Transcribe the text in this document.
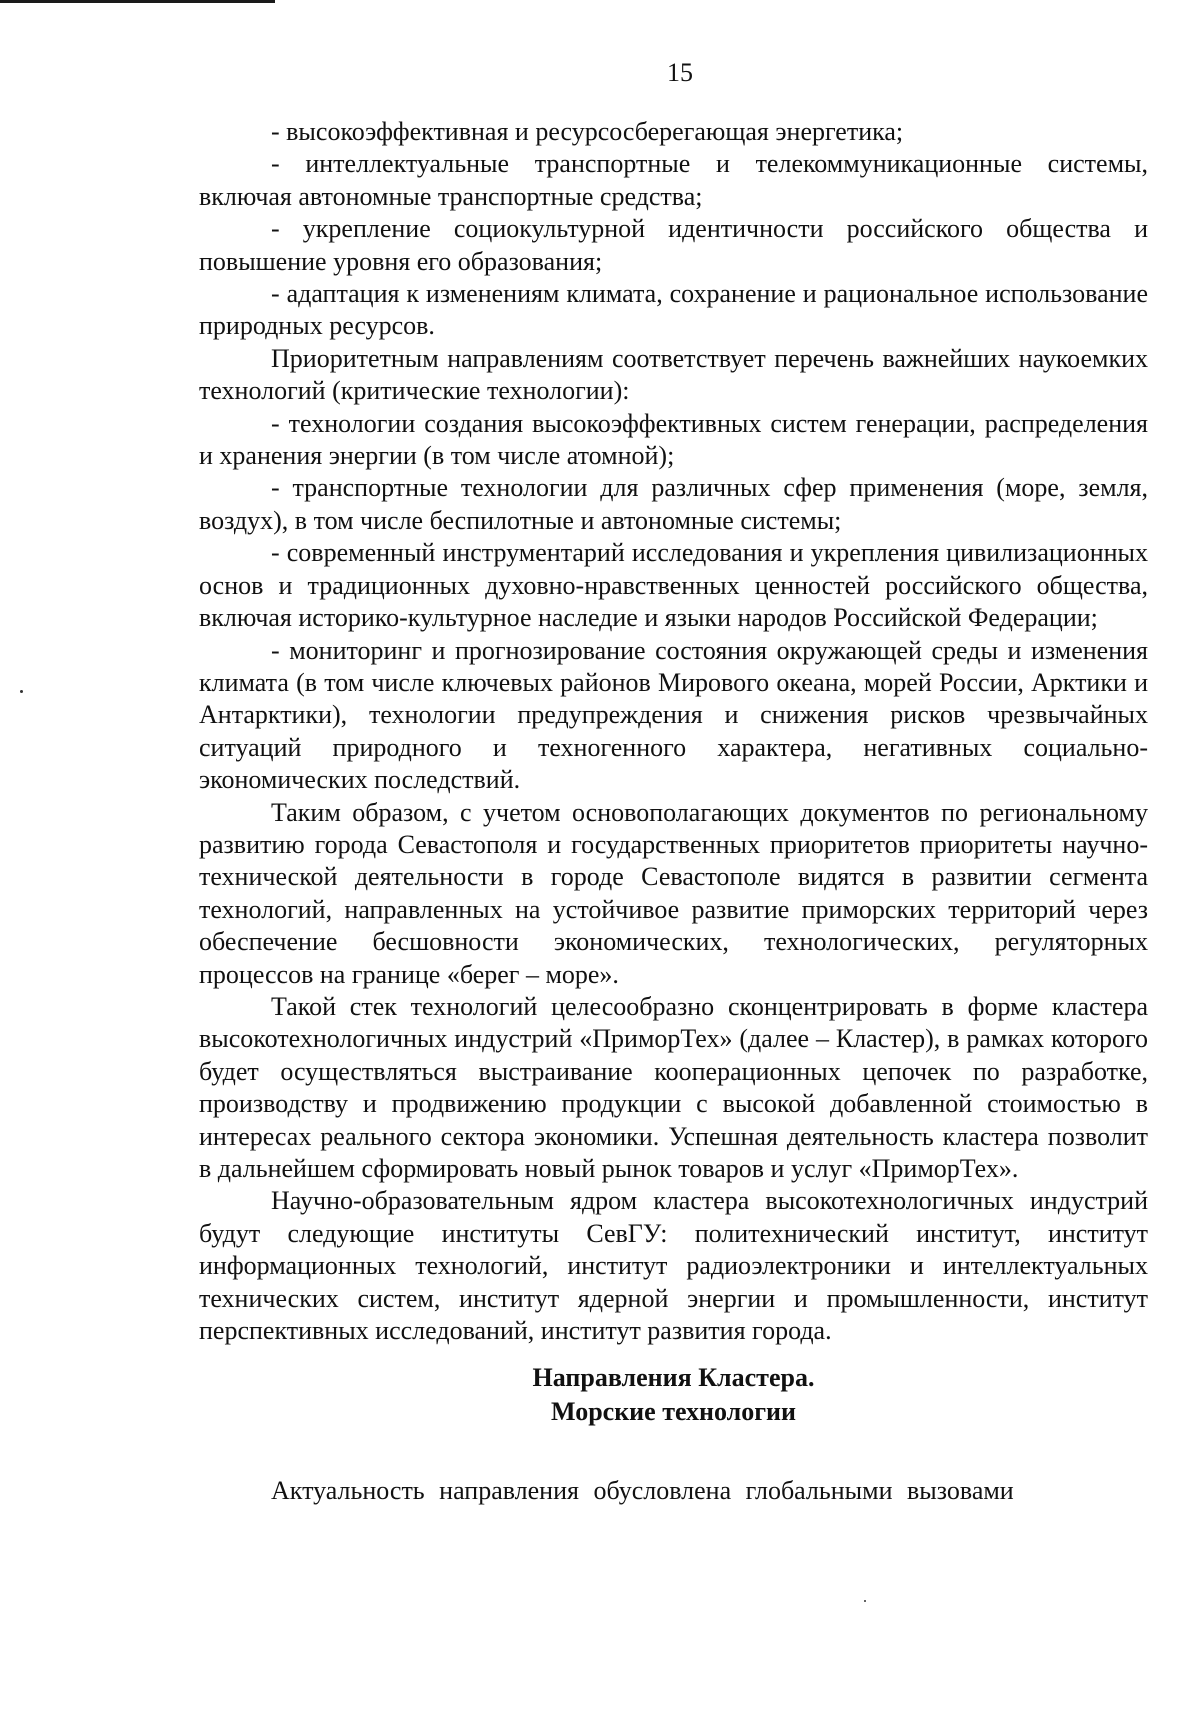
15

- высокоэффективная и ресурсосберегающая энергетика;

- интеллектуальные транспортные и телекоммуникационные системы, включая автономные транспортные средства;

- укрепление социокультурной идентичности российского общества и повышение уровня его образования;

- адаптация к изменениям климата, сохранение и рациональное использование природных ресурсов.

Приоритетным направлениям соответствует перечень важнейших наукоемких технологий (критические технологии):

- технологии создания высокоэффективных систем генерации, распределения и хранения энергии (в том числе атомной);

- транспортные технологии для различных сфер применения (море, земля, воздух), в том числе беспилотные и автономные системы;

- современный инструментарий исследования и укрепления цивилизационных основ и традиционных духовно-нравственных ценностей российского общества, включая историко-культурное наследие и языки народов Российской Федерации;

- мониторинг и прогнозирование состояния окружающей среды и изменения климата (в том числе ключевых районов Мирового океана, морей России, Арктики и Антарктики), технологии предупреждения и снижения рисков чрезвычайных ситуаций природного и техногенного характера, негативных социально-экономических последствий.

Таким образом, с учетом основополагающих документов по региональному развитию города Севастополя и государственных приоритетов приоритеты научно-технической деятельности в городе Севастополе видятся в развитии сегмента технологий, направленных на устойчивое развитие приморских территорий через обеспечение бесшовности экономических, технологических, регуляторных процессов на границе «берег – море».

Такой стек технологий целесообразно сконцентрировать в форме кластера высокотехнологичных индустрий «ПриморТех» (далее – Кластер), в рамках которого будет осуществляться выстраивание кооперационных цепочек по разработке, производству и продвижению продукции с высокой добавленной стоимостью в интересах реального сектора экономики. Успешная деятельность кластера позволит в дальнейшем сформировать новый рынок товаров и услуг «ПриморТех».

Научно-образовательным ядром кластера высокотехнологичных индустрий будут следующие институты СевГУ: политехнический институт, институт информационных технологий, институт радиоэлектроники и интеллектуальных технических систем, институт ядерной энергии и промышленности, институт перспективных исследований, институт развития города.

Направления Кластера.
Морские технологии

Актуальность направления обусловлена глобальными вызовами
